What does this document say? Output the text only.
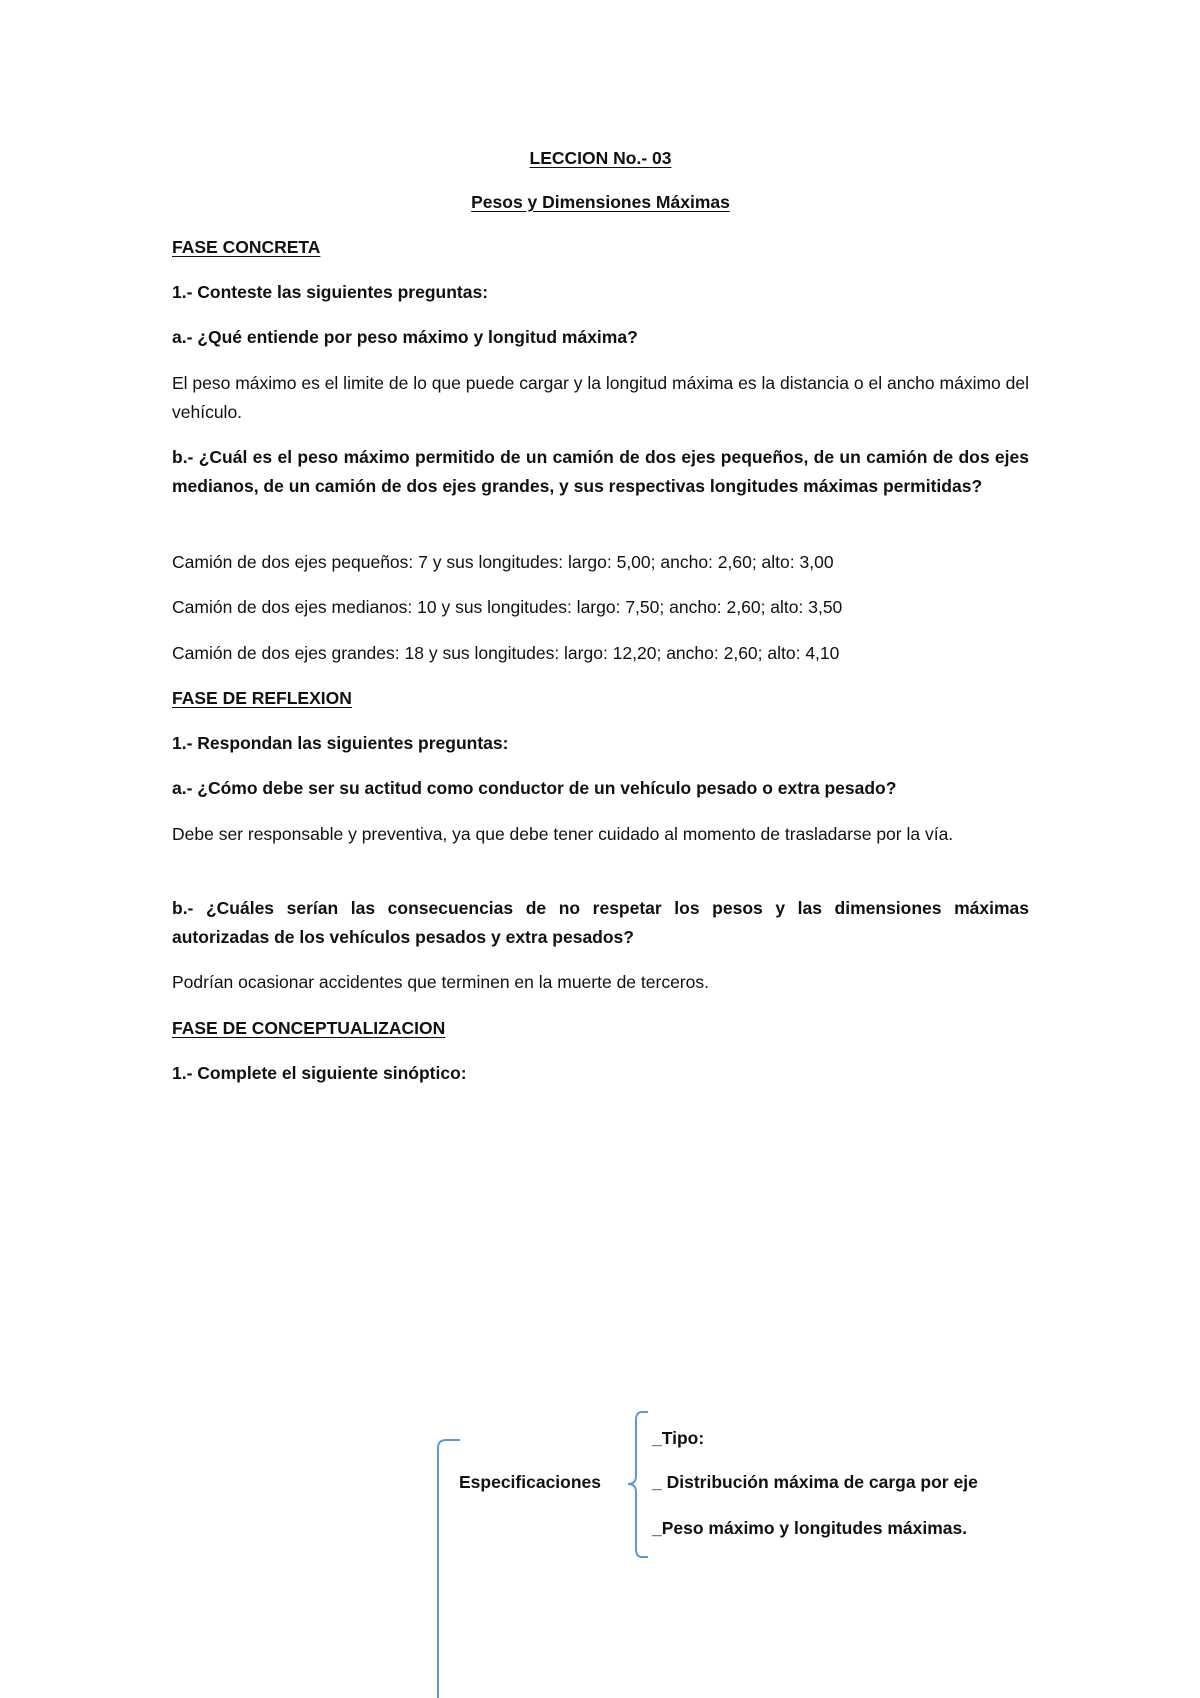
LECCION No.- 03

Pesos y Dimensiones Máximas

FASE CONCRETA

1.- Conteste las siguientes preguntas:

a.- ¿Qué entiende por peso máximo y longitud máxima?

El peso máximo es el limite de lo que puede cargar y la longitud máxima es la distancia o el ancho máximo del vehículo.

b.- ¿Cuál es el peso máximo permitido de un camión de dos ejes pequeños, de un camión de dos ejes medianos, de un camión de dos ejes grandes, y sus respectivas longitudes máximas permitidas?

Camión de dos ejes pequeños: 7 y sus longitudes: largo: 5,00; ancho: 2,60; alto: 3,00

Camión de dos ejes medianos: 10 y sus longitudes: largo: 7,50; ancho: 2,60; alto: 3,50

Camión de dos ejes grandes: 18 y sus longitudes: largo: 12,20; ancho: 2,60; alto: 4,10

FASE DE REFLEXION

1.- Respondan las siguientes preguntas:

a.- ¿Cómo debe ser su actitud como conductor de un vehículo pesado o extra pesado?

Debe ser responsable y preventiva, ya que debe tener cuidado al momento de trasladarse por la vía.

b.- ¿Cuáles serían las consecuencias de no respetar los pesos y las dimensiones máximas autorizadas de los vehículos pesados y extra pesados?

Podrían ocasionar accidentes que terminen en la muerte de terceros.

FASE DE CONCEPTUALIZACION

1.- Complete el siguiente sinóptico:

Especificaciones
_Tipo:
_ Distribución máxima de carga por eje
_Peso máximo y longitudes máximas.
